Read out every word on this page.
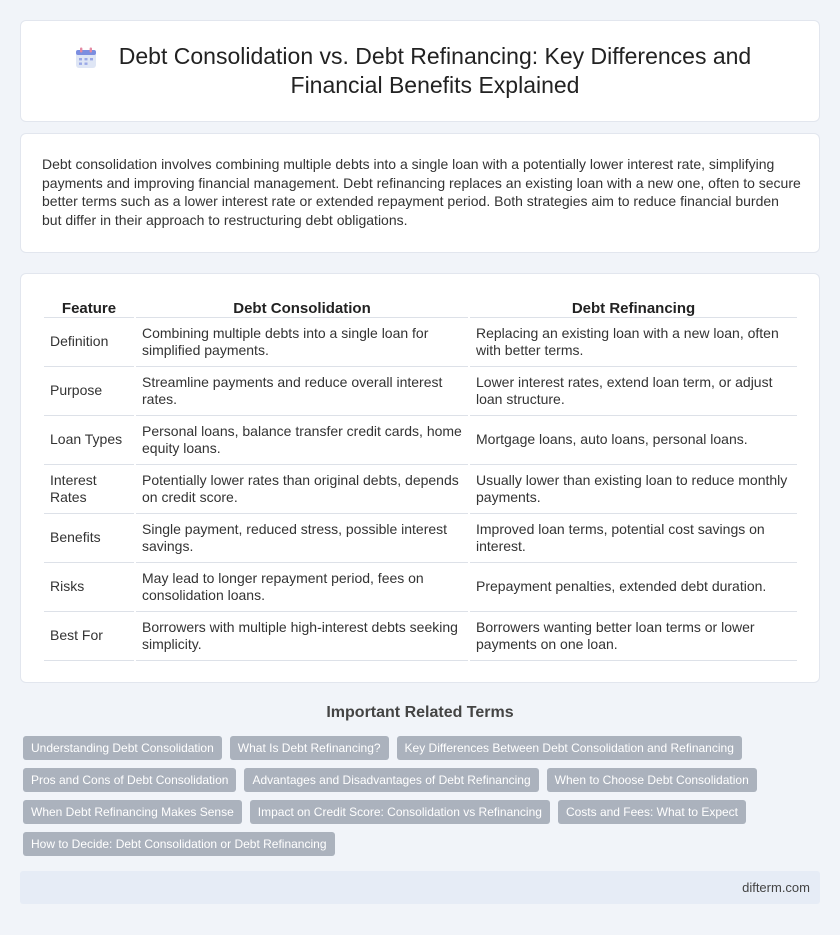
Debt Consolidation vs. Debt Refinancing: Key Differences and Financial Benefits Explained

Debt consolidation involves combining multiple debts into a single loan with a potentially lower interest rate, simplifying payments and improving financial management. Debt refinancing replaces an existing loan with a new one, often to secure better terms such as a lower interest rate or extended repayment period. Both strategies aim to reduce financial burden but differ in their approach to restructuring debt obligations.

Feature	Debt Consolidation	Debt Refinancing
Definition	Combining multiple debts into a single loan for simplified payments.	Replacing an existing loan with a new loan, often with better terms.
Purpose	Streamline payments and reduce overall interest rates.	Lower interest rates, extend loan term, or adjust loan structure.
Loan Types	Personal loans, balance transfer credit cards, home equity loans.	Mortgage loans, auto loans, personal loans.
Interest Rates	Potentially lower rates than original debts, depends on credit score.	Usually lower than existing loan to reduce monthly payments.
Benefits	Single payment, reduced stress, possible interest savings.	Improved loan terms, potential cost savings on interest.
Risks	May lead to longer repayment period, fees on consolidation loans.	Prepayment penalties, extended debt duration.
Best For	Borrowers with multiple high-interest debts seeking simplicity.	Borrowers wanting better loan terms or lower payments on one loan.
Important Related Terms
Understanding Debt Consolidation	What Is Debt Refinancing?	Key Differences Between Debt Consolidation and Refinancing
Pros and Cons of Debt Consolidation	Advantages and Disadvantages of Debt Refinancing	When to Choose Debt Consolidation
When Debt Refinancing Makes Sense	Impact on Credit Score: Consolidation vs Refinancing	Costs and Fees: What to Expect
How to Decide: Debt Consolidation or Debt Refinancing
difterm.com
